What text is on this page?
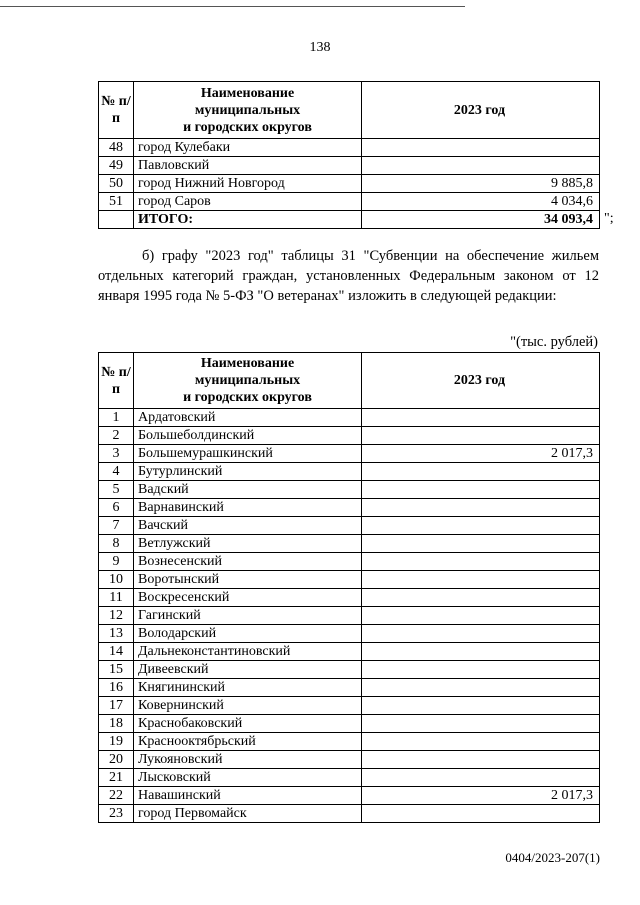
138
№ п/п	Наименование
муниципальных
и городских округов	2023 год
48	город Кулебаки	
49	Павловский	
50	город Нижний Новгород	9 885,8
51	город Саров	4 034,6
	ИТОГО:	34 093,4 ";
б) графу "2023 год" таблицы 31 "Субвенции на обеспечение жильем отдельных категорий граждан, установленных Федеральным законом от 12 января 1995 года № 5-ФЗ "О ветеранах" изложить в следующей редакции:
"(тыс. рублей)
№ п/п	Наименование
муниципальных
и городских округов	2023 год
1	Ардатовский	
2	Большеболдинский	
3	Большемурашкинский	2 017,3
4	Бутурлинский	
5	Вадский	
6	Варнавинский	
7	Вачский	
8	Ветлужский	
9	Вознесенский	
10	Воротынский	
11	Воскресенский	
12	Гагинский	
13	Володарский	
14	Дальнеконстантиновский	
15	Дивеевский	
16	Княгининский	
17	Ковернинский	
18	Краснобаковский	
19	Краснооктябрьский	
20	Лукояновский	
21	Лысковский	
22	Навашинский	2 017,3
23	город Первомайск	
0404/2023-207(1)
